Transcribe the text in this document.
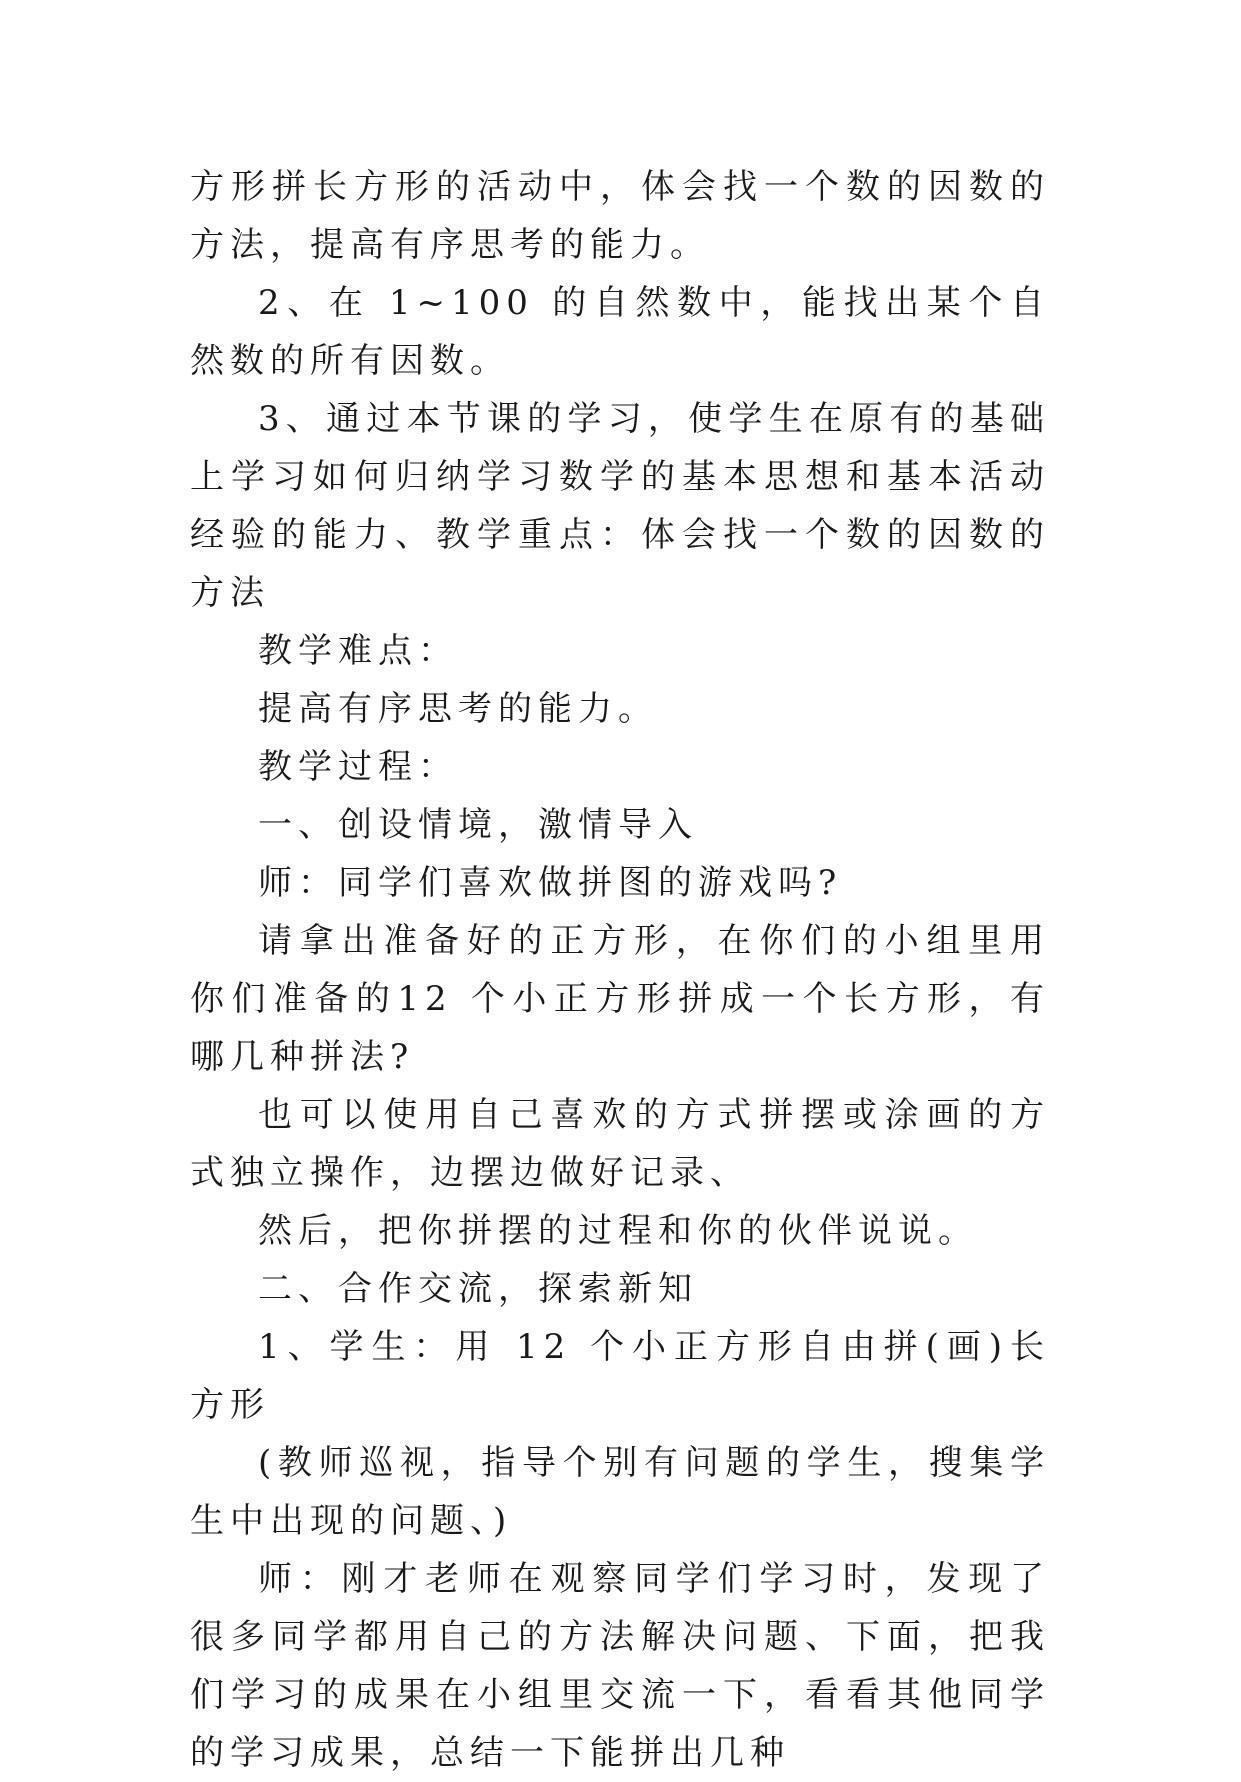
方形拼长方形的活动中，体会找一个数的因数的方法，提高有序思考的能力。

2、在 1~100 的自然数中，能找出某个自然数的所有因数。

3、通过本节课的学习，使学生在原有的基础上学习如何归纳学习数学的基本思想和基本活动经验的能力、教学重点：体会找一个数的因数的方法

教学难点：

提高有序思考的能力。

教学过程：

一、创设情境，激情导入

师：同学们喜欢做拼图的游戏吗?

请拿出准备好的正方形，在你们的小组里用你们准备的12 个小正方形拼成一个长方形，有哪几种拼法?

也可以使用自己喜欢的方式拼摆或涂画的方式独立操作，边摆边做好记录、

然后，把你拼摆的过程和你的伙伴说说。

二、合作交流，探索新知

1、学生：用 12 个小正方形自由拼(画)长方形

(教师巡视，指导个别有问题的学生，搜集学生中出现的问题、)

师：刚才老师在观察同学们学习时，发现了很多同学都用自己的方法解决问题、下面，把我们学习的成果在小组里交流一下，看看其他同学的学习成果，总结一下能拼出几种
